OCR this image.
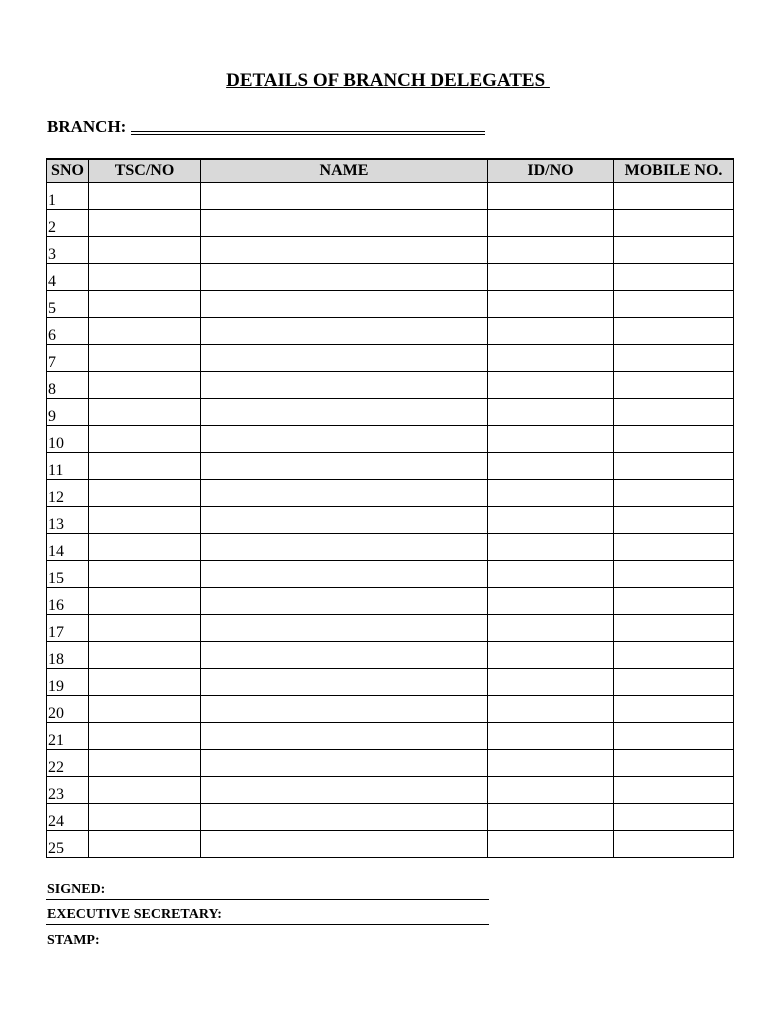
DETAILS OF BRANCH DELEGATES
BRANCH:
SNO	TSC/NO	NAME	ID/NO	MOBILE NO.
1				
2				
3				
4				
5				
6				
7				
8				
9				
10				
11				
12				
13				
14				
15				
16				
17				
18				
19				
20				
21				
22				
23				
24				
25				
SIGNED:
EXECUTIVE SECRETARY:
STAMP:
